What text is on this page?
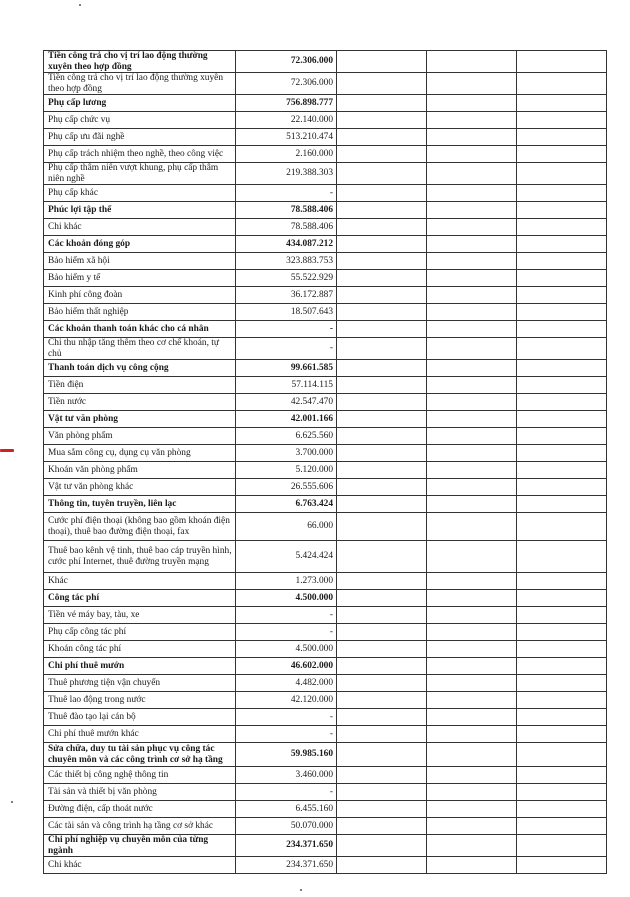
Tiền công trả cho vị trí lao động thường xuyên theo hợp đồng	72.306.000			
Tiền công trả cho vị trí lao động thường xuyên theo hợp đồng	72.306.000			
Phụ cấp lương	756.898.777			
Phụ cấp chức vụ	22.140.000			
Phụ cấp ưu đãi nghề	513.210.474			
Phụ cấp trách nhiệm theo nghề, theo công việc	2.160.000			
Phụ cấp thâm niên vượt khung, phụ cấp thâm niên nghề	219.388.303			
Phụ cấp khác	-			
Phúc lợi tập thể	78.588.406			
Chi khác	78.588.406			
Các khoản đóng góp	434.087.212			
Bảo hiểm xã hội	323.883.753			
Bảo hiểm y tế	55.522.929			
Kinh phí công đoàn	36.172.887			
Bảo hiểm thất nghiệp	18.507.643			
Các khoản thanh toán khác cho cá nhân	-			
Chi thu nhập tăng thêm theo cơ chế khoán, tự chủ	-			
Thanh toán dịch vụ công cộng	99.661.585			
Tiền điện	57.114.115			
Tiền nước	42.547.470			
Vật tư văn phòng	42.001.166			
Văn phòng phẩm	6.625.560			
Mua sắm công cụ, dụng cụ văn phòng	3.700.000			
Khoán văn phòng phẩm	5.120.000			
Vật tư văn phòng khác	26.555.606			
Thông tin, tuyên truyền, liên lạc	6.763.424			
Cước phí điện thoại (không bao gồm khoán điện thoại), thuê bao đường điện thoại, fax	66.000			
Thuê bao kênh vệ tinh, thuê bao cáp truyền hình, cước phí Internet, thuê đường truyền mạng	5.424.424			
Khác	1.273.000			
Công tác phí	4.500.000			
Tiền vé máy bay, tàu, xe	-			
Phụ cấp công tác phí	-			
Khoán công tác phí	4.500.000			
Chi phí thuê mướn	46.602.000			
Thuê phương tiện vận chuyển	4.482.000			
Thuê lao động trong nước	42.120.000			
Thuê đào tạo lại cán bộ	-			
Chi phí thuê mướn khác	-			
Sửa chữa, duy tu tài sản phục vụ công tác chuyên môn và các công trình cơ sở hạ tầng	59.985.160			
Các thiết bị công nghệ thông tin	3.460.000			
Tài sản và thiết bị văn phòng	-			
Đường điện, cấp thoát nước	6.455.160			
Các tài sản và công trình hạ tầng cơ sở khác	50.070.000			
Chi phí nghiệp vụ chuyên môn của từng ngành	234.371.650			
Chi khác	234.371.650			
